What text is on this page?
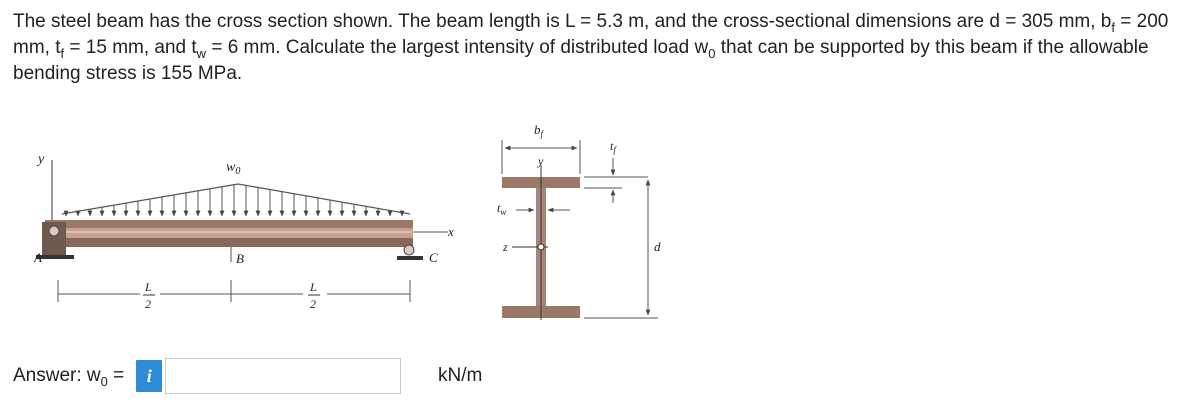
The steel beam has the cross section shown. The beam length is L = 5.3 m, and the cross-sectional dimensions are d = 305 mm, $b_f = 200$ mm, $t_f = 15$ mm, and $t_w = 6$ mm. Calculate the largest intensity of distributed load $w_0$ that can be supported by this beam if the allowable bending stress is 155 MPa.
y
$w_0$
A	C
x
B
L
2
L
2
y
z
$b_f$
$t_f$
$t_w$
d
Answer: $w_0$ =	i	kN/m
